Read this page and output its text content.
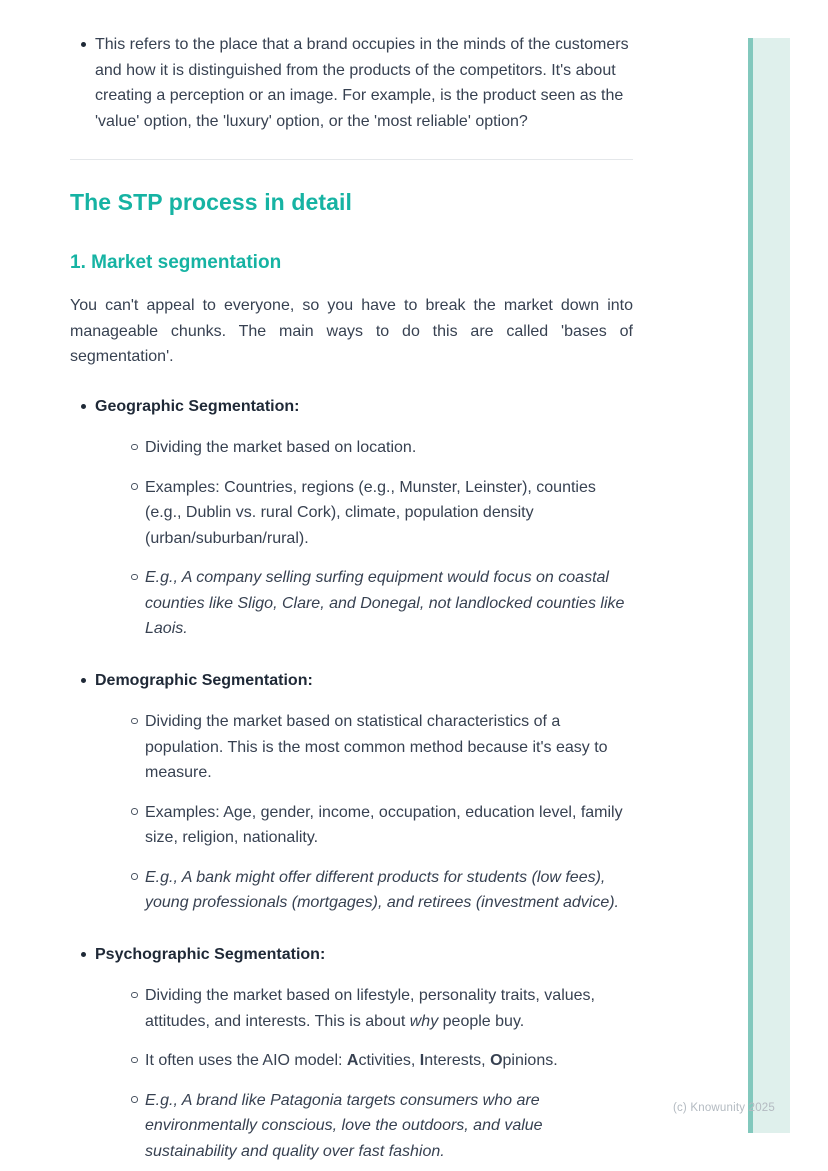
(c) Knowunity 2025
This refers to the place that a brand occupies in the minds of the customers and how it is distinguished from the products of the competitors. It's about creating a perception or an image. For example, is the product seen as the 'value' option, the 'luxury' option, or the 'most reliable' option?
The STP process in detail
1. Market segmentation

You can't appeal to everyone, so you have to break the market down into manageable chunks. The main ways to do this are called 'bases of segmentation'.

Geographic Segmentation:
Dividing the market based on location.
Examples: Countries, regions (e.g., Munster, Leinster), counties (e.g., Dublin vs. rural Cork), climate, population density (urban/suburban/rural).
E.g., A company selling surfing equipment would focus on coastal counties like Sligo, Clare, and Donegal, not landlocked counties like Laois.
Demographic Segmentation:
Dividing the market based on statistical characteristics of a population. This is the most common method because it's easy to measure.
Examples: Age, gender, income, occupation, education level, family size, religion, nationality.
E.g., A bank might offer different products for students (low fees), young professionals (mortgages), and retirees (investment advice).
Psychographic Segmentation:
Dividing the market based on lifestyle, personality traits, values, attitudes, and interests. This is about why people buy.
It often uses the AIO model: Activities, Interests, Opinions.
E.g., A brand like Patagonia targets consumers who are environmentally conscious, love the outdoors, and value sustainability and quality over fast fashion.
